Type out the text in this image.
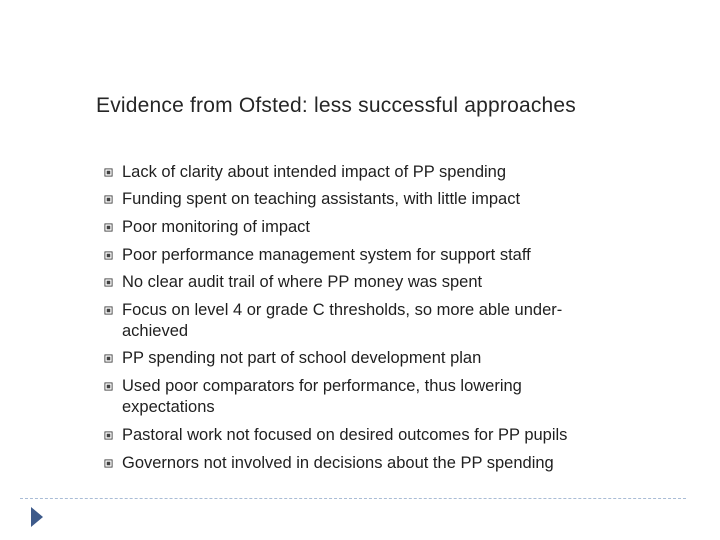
Evidence from Ofsted: less successful approaches
Lack of clarity about intended impact of PP spending
Funding spent on teaching assistants, with little impact
Poor monitoring of impact
Poor performance management system for support staff
No clear audit trail of where PP money was spent
Focus on level 4 or grade C thresholds, so more able under-
achieved
PP spending not part of school development plan
Used poor comparators for performance, thus lowering
expectations
Pastoral work not focused on desired outcomes for PP pupils
Governors not involved in decisions about the PP spending
